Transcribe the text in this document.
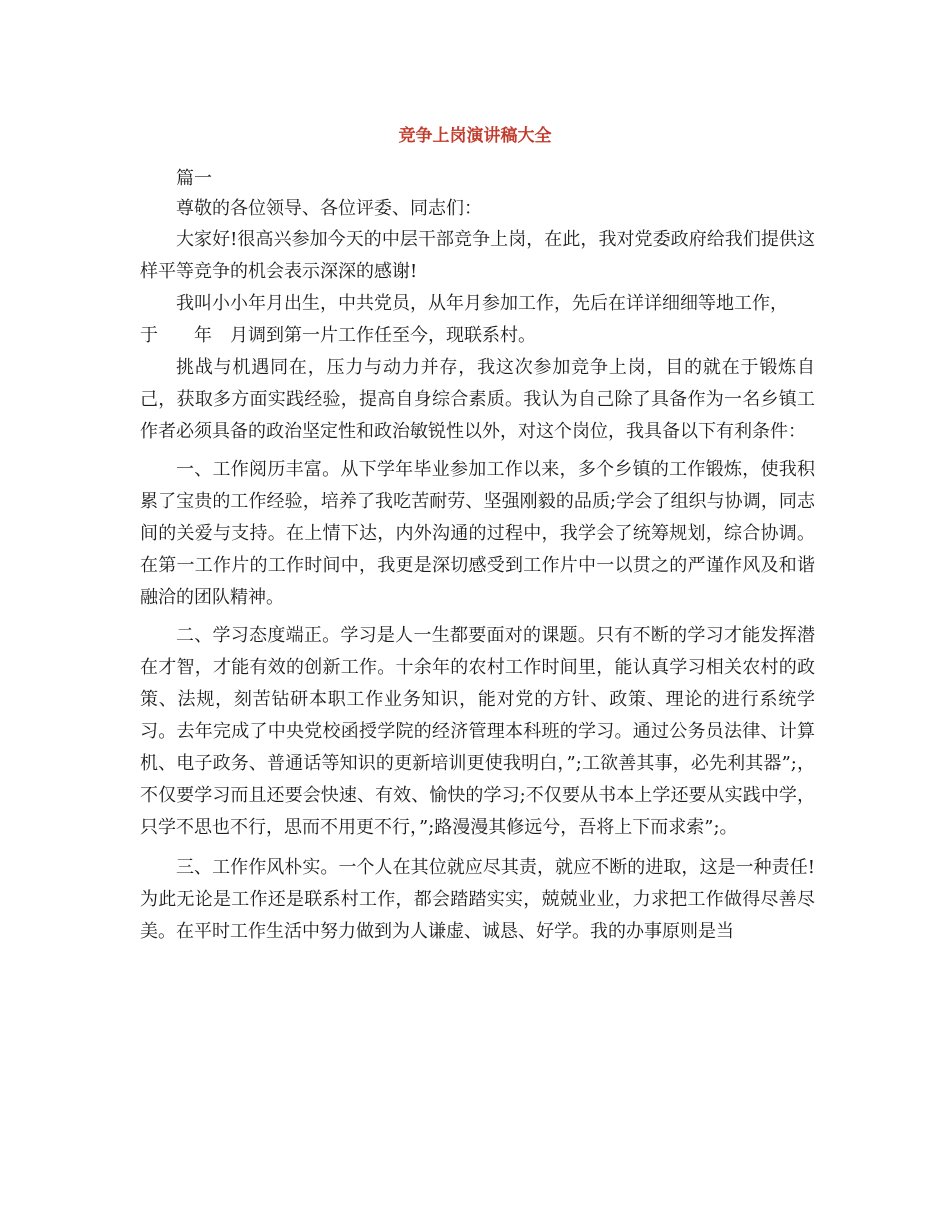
竞争上岗演讲稿大全

篇一

尊敬的各位领导、各位评委、同志们：

大家好!很高兴参加今天的中层干部竞争上岗，在此，我对党委政府给我们提供这样平等竞争的机会表示深深的感谢!

我叫小小年月出生，中共党员，从年月参加工作，先后在详详细细等地工作，

于　　年　月调到第一片工作任至今，现联系村。

挑战与机遇同在，压力与动力并存，我这次参加竞争上岗，目的就在于锻炼自己，获取多方面实践经验，提高自身综合素质。我认为自己除了具备作为一名乡镇工作者必须具备的政治坚定性和政治敏锐性以外，对这个岗位，我具备以下有利条件：

一、工作阅历丰富。从下学年毕业参加工作以来，多个乡镇的工作锻炼，使我积累了宝贵的工作经验，培养了我吃苦耐劳、坚强刚毅的品质;学会了组织与协调，同志间的关爱与支持。在上情下达，内外沟通的过程中，我学会了统筹规划，综合协调。在第一工作片的工作时间中，我更是深切感受到工作片中一以贯之的严谨作风及和谐融洽的团队精神。

二、学习态度端正。学习是人一生都要面对的课题。只有不断的学习才能发挥潜在才智，才能有效的创新工作。十余年的农村工作时间里，能认真学习相关农村的政策、法规，刻苦钻研本职工作业务知识，能对党的方针、政策、理论的进行系统学习。去年完成了中央党校函授学院的经济管理本科班的学习。通过公务员法律、计算机、电子政务、普通话等知识的更新培训更使我明白，”;工欲善其事，必先利其器”;，不仅要学习而且还要会快速、有效、愉快的学习;不仅要从书本上学还要从实践中学，只学不思也不行，思而不用更不行，”;路漫漫其修远兮，吾将上下而求索”;。

三、工作作风朴实。一个人在其位就应尽其责，就应不断的进取，这是一种责任!为此无论是工作还是联系村工作，都会踏踏实实，兢兢业业，力求把工作做得尽善尽美。在平时工作生活中努力做到为人谦虚、诚恳、好学。我的办事原则是当
